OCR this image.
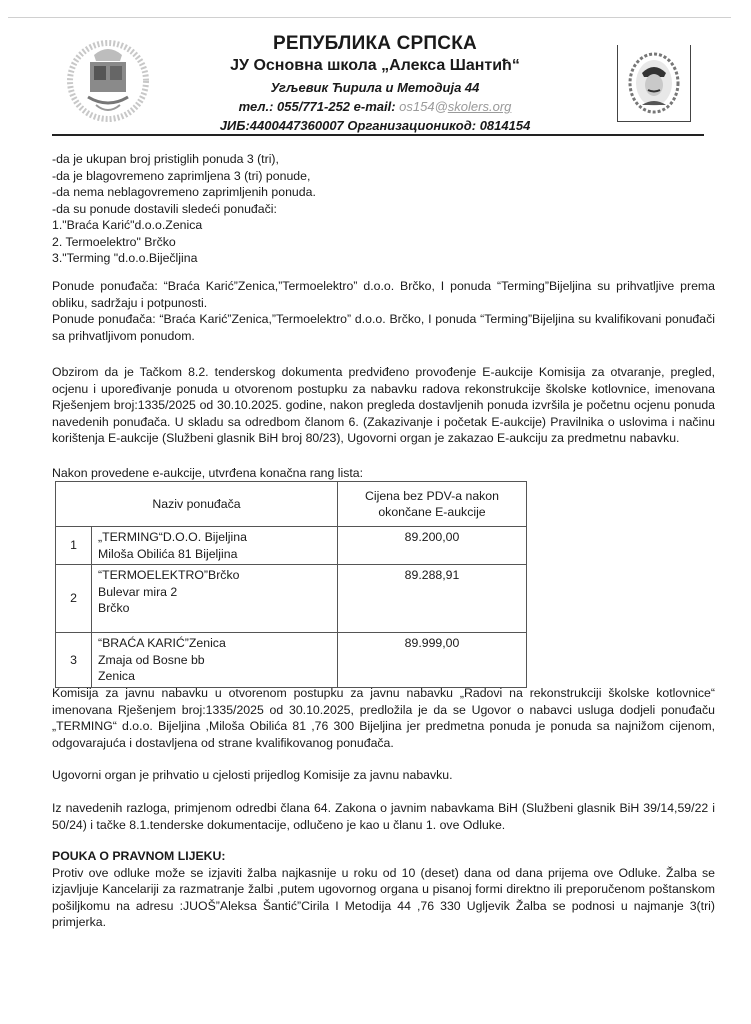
РЕПУБЛИКА СРПСКА
ЈУ Основна школа „Алекса Шантић“
Угљевик Ћирила и Методија 44
тел.: 055/771-252 e-mail: os154@skolers.org
ЈИБ:4400447360007 Организационикод: 0814154

-da je ukupan broj pristiglih ponuda 3 (tri),

-da je blagovremeno zaprimljena 3 (tri) ponude,

-da nema neblagovremeno zaprimljenih ponuda.

-da su ponude dostavili sledeći ponuđači:

1."Braća Karić"d.o.o.Zenica

2. Termoelektro" Brčko

3."Terming "d.o.o.Biječljina

Ponude ponuđača: “Braća Karić”Zenica,”Termoelektro” d.o.o. Brčko, I ponuda “Terming”Bijeljina su prihvatljive prema obliku, sadržaju i potpunosti.

Ponude ponuđača: “Braća Karić”Zenica,”Termoelektro” d.o.o. Brčko, I ponuda “Terming”Bijeljina su kvalifikovani ponuđači sa prihvatljivom ponudom.

Obzirom da je Tačkom 8.2. tenderskog dokumenta predviđeno provođenje E-aukcije Komisija za otvaranje, pregled, ocjenu i upoređivanje ponuda u otvorenom postupku za nabavku radova rekonstrukcije školske kotlovnice, imenovana Rješenjem broj:1335/2025 od 30.10.2025. godine, nakon pregleda dostavljenih ponuda izvršila je početnu ocjenu ponuda navedenih ponuđača. U skladu sa odredbom članom 6. (Zakazivanje i početak E-aukcije) Pravilnika o uslovima i načinu korištenja E-aukcije (Službeni glasnik BiH broj 80/23), Ugovorni organ je zakazao E-aukciju za predmetnu nabavku.

Nakon provedene e-aukcije, utvrđena konačna rang lista:
Naziv ponuđača		Cijena bez PDV-a nakon
okončane E-aukcije

1	„TERMING“D.O.O. Bijeljina
Miloša Obilića 81 Bijeljina	89.200,00
2	“TERMOELEKTRO”Brčko
Bulevar mira 2
Brčko	89.288,91
3	“BRAĆA KARIĆ”Zenica
Zmaja od Bosne bb
Zenica	89.999,00

Komisija za javnu nabavku u otvorenom postupku za javnu nabavku „Radovi na rekonstrukciji školske kotlovnice“ imenovana Rješenjem broj:1335/2025 od 30.10.2025, predložila je da se Ugovor o nabavci usluga dodjeli ponuđaču „TERMING“ d.o.o. Bijeljina ,Miloša Obilića 81 ,76 300 Bijeljina jer predmetna ponuda je ponuda sa najnižom cijenom, odgovarajuća i dostavljena od strane kvalifikovanog ponuđača.

Ugovorni organ je prihvatio u cjelosti prijedlog Komisije za javnu nabavku.

Iz navedenih razloga, primjenom odredbi člana 64. Zakona o javnim nabavkama BiH (Službeni glasnik BiH 39/14,59/22 i 50/24) i tačke 8.1.tenderske dokumentacije, odlučeno je kao u članu 1. ove Odluke.

POUKA O PRAVNOM LIJEKU:

Protiv ove odluke može se izjaviti žalba najkasnije u roku od 10 (deset) dana od dana prijema ove Odluke. Žalba se izjavljuje Kancelariji za razmatranje žalbi ,putem ugovornog organa u pisanoj formi direktno ili preporučenom poštanskom pošiljkomu na adresu :JUOŠ”Aleksa Šantić”Cirila I Metodija 44 ,76 330 Ugljevik Žalba se podnosi u najmanje 3(tri) primjerka.
